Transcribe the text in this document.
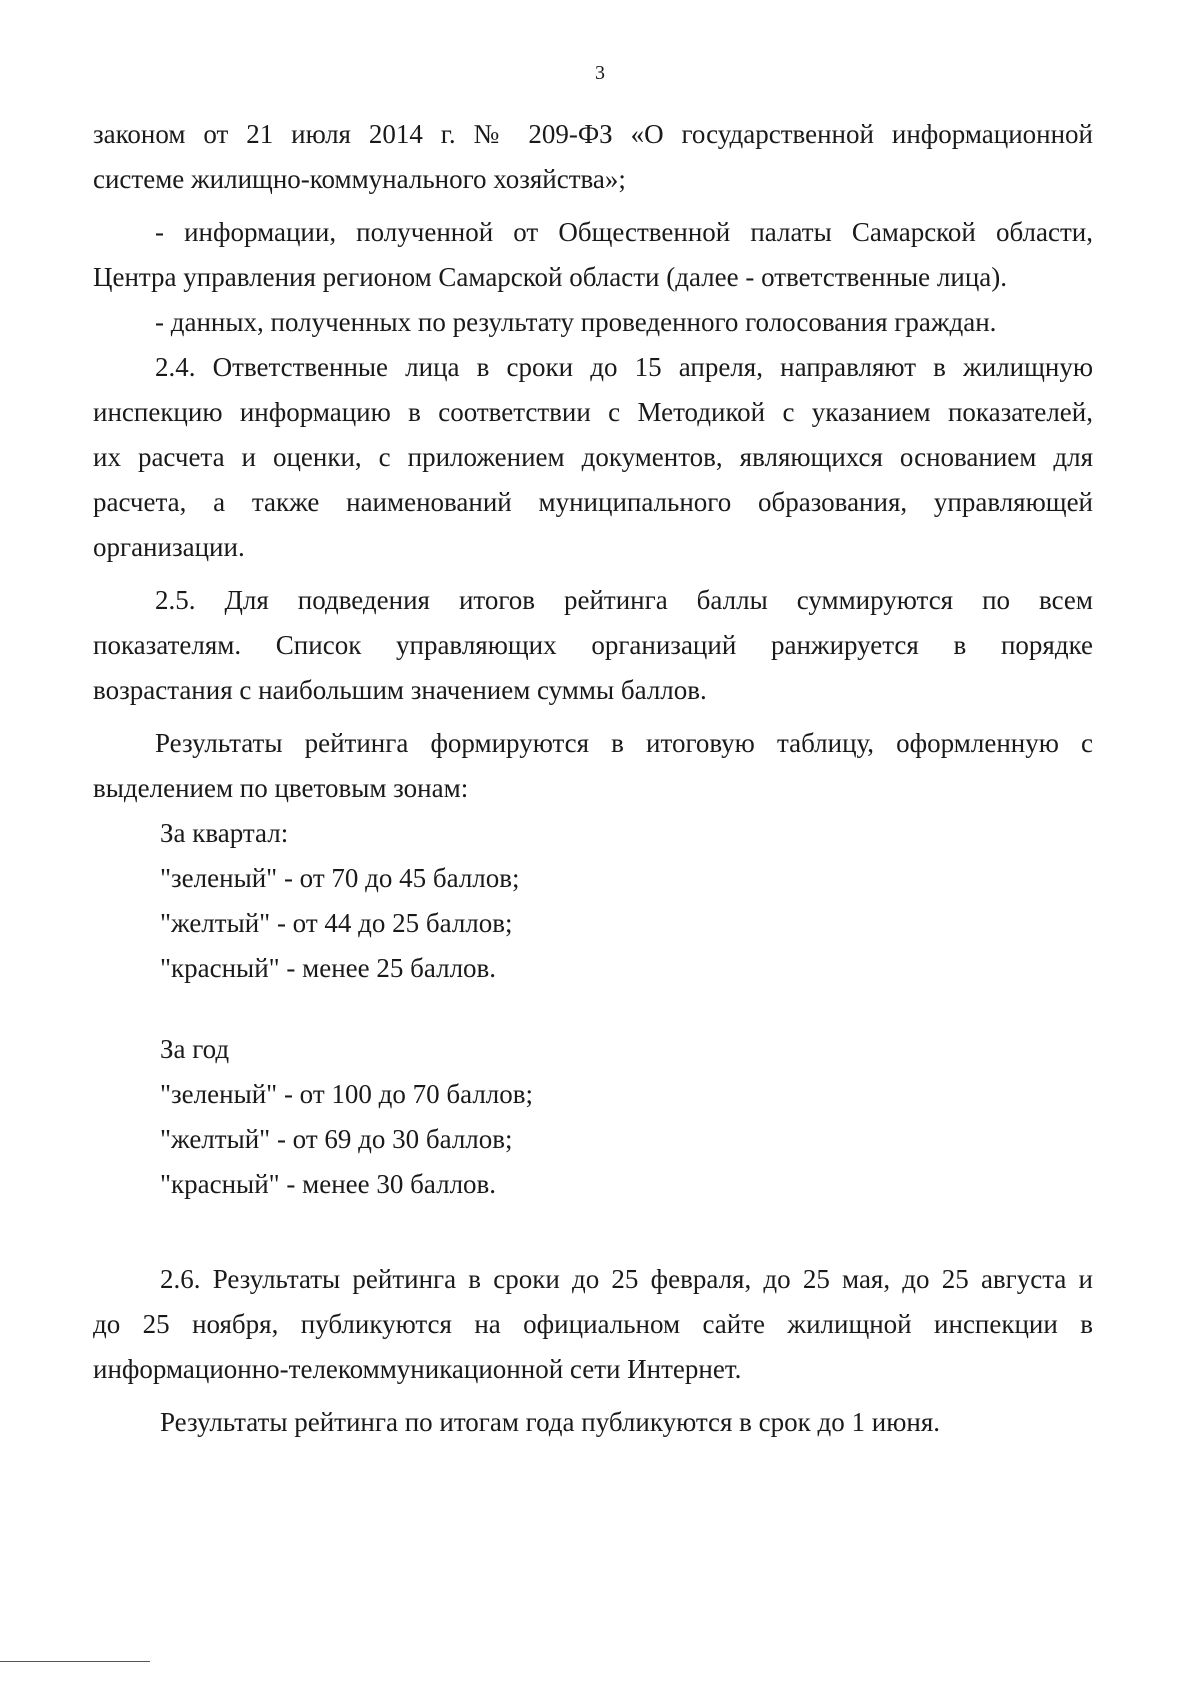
3
законом от 21 июля 2014 г. № 209-ФЗ «О государственной информационной
системе жилищно-коммунального хозяйства»;
- информации, полученной от Общественной палаты Самарской области,
Центра управления регионом Самарской области (далее - ответственные лица).
- данных, полученных по результату проведенного голосования граждан.
2.4. Ответственные лица в сроки до 15 апреля, направляют в жилищную
инспекцию информацию в соответствии с Методикой с указанием показателей,
их расчета и оценки, с приложением документов, являющихся основанием для
расчета, а также наименований муниципального образования, управляющей
организации.
2.5. Для подведения итогов рейтинга баллы суммируются по всем
показателям. Список управляющих организаций ранжируется в порядке
возрастания с наибольшим значением суммы баллов.
Результаты рейтинга формируются в итоговую таблицу, оформленную с
выделением по цветовым зонам:
За квартал:
"зеленый" - от 70 до 45 баллов;
"желтый" - от 44 до 25 баллов;
"красный" - менее 25 баллов.
За год
"зеленый" - от 100 до 70 баллов;
"желтый" - от 69 до 30 баллов;
"красный" - менее 30 баллов.
2.6. Результаты рейтинга в сроки до 25 февраля, до 25 мая, до 25 августа и
до 25 ноября, публикуются на официальном сайте жилищной инспекции в
информационно-телекоммуникационной сети Интернет.
Результаты рейтинга по итогам года публикуются в срок до 1 июня.
